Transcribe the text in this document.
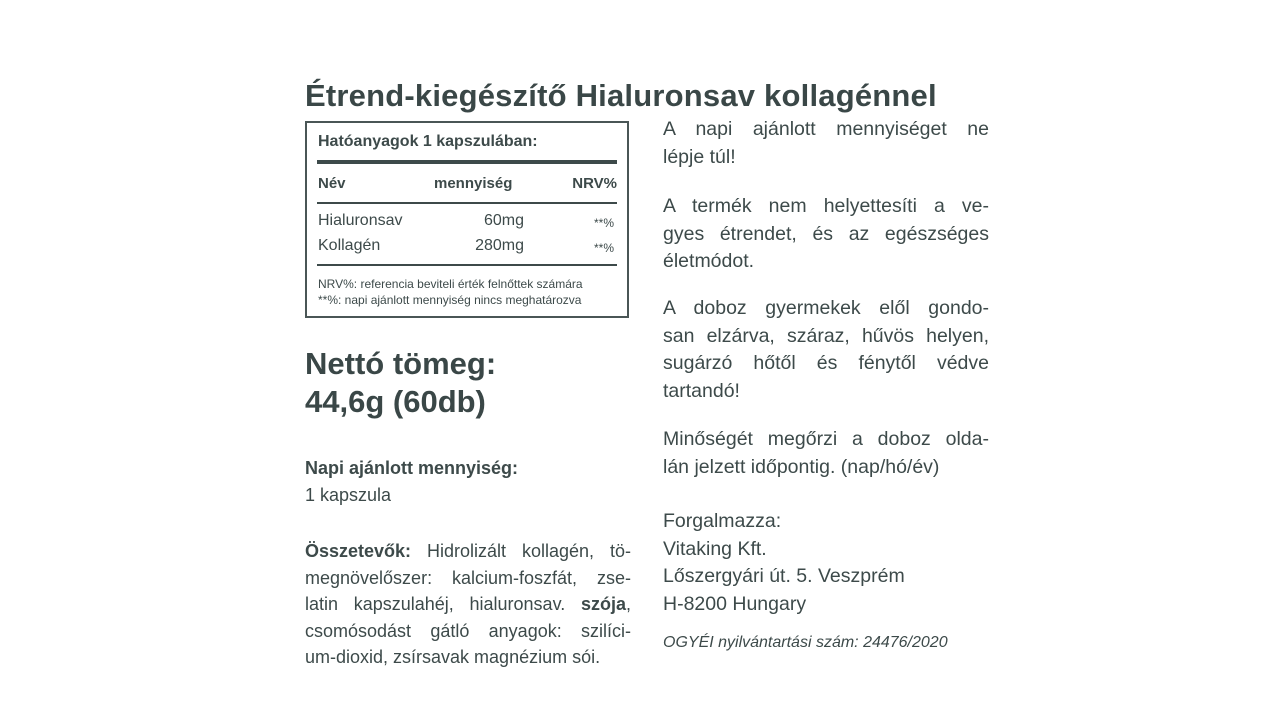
Étrend-kiegészítő Hialuronsav kollagénnel
Hatóanyagok 1 kapszulában:
Név	mennyiség	NRV%
Hialuronsav	60mg	**%
Kollagén	280mg	**%
NRV%: referencia beviteli érték felnőttek számára
**%: napi ajánlott mennyiség nincs meghatározva
Nettó tömeg:
44,6g (60db)
Napi ajánlott mennyiség:
1 kapszula
Összetevők: Hidrolizált kollagén, tö-
megnövelőszer: kalcium-foszfát, zse-
latin kapszulahéj, hialuronsav. szója,
csomósodást gátló anyagok: szilíci-
um-dioxid, zsírsavak magnézium sói.
A napi ajánlott mennyiséget ne
lépje túl!
A termék nem helyettesíti a ve-
gyes étrendet, és az egészséges
életmódot.
A doboz gyermekek elől gondo-
san elzárva, száraz, hűvös helyen,
sugárzó hőtől és fénytől védve
tartandó!
Minőségét megőrzi a doboz olda-
lán jelzett időpontig. (nap/hó/év)
Forgalmazza:
Vitaking Kft.
Lőszergyári út. 5. Veszprém
H-8200 Hungary
OGYÉI nyilvántartási szám: 24476/2020
